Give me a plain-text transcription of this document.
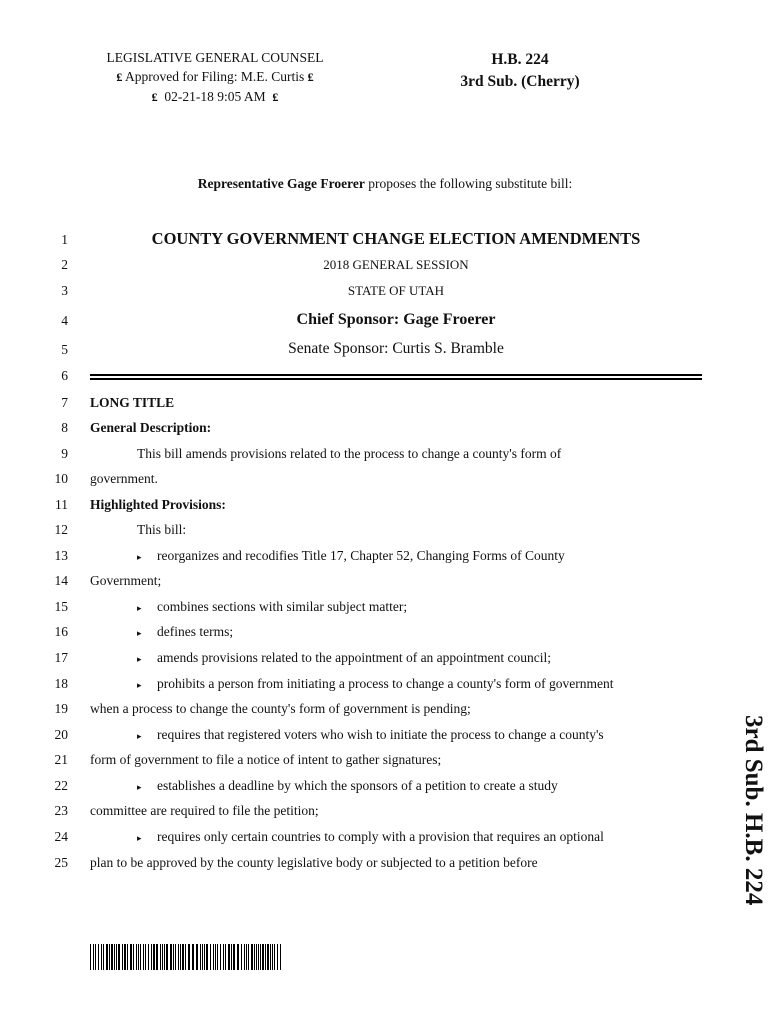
LEGISLATIVE GENERAL COUNSEL
₤ Approved for Filing: M.E. Curtis ₤
₤ 02-21-18 9:05 AM ₤
H.B. 224
3rd Sub. (Cherry)
Representative Gage Froerer proposes the following substitute bill:
1	COUNTY GOVERNMENT CHANGE ELECTION AMENDMENTS
2	2018 GENERAL SESSION
3	STATE OF UTAH
4	Chief Sponsor: Gage Froerer
5	Senate Sponsor: Curtis S. Bramble
6
7 LONG TITLE
8 General Description:
9	This bill amends provisions related to the process to change a county's form of
10 government.
11 Highlighted Provisions:
12	This bill:
13	▸ reorganizes and recodifies Title 17, Chapter 52, Changing Forms of County
14 Government;
15	▸ combines sections with similar subject matter;
16	▸ defines terms;
17	▸ amends provisions related to the appointment of an appointment council;
18	▸ prohibits a person from initiating a process to change a county's form of government
19 when a process to change the county's form of government is pending;
20	▸ requires that registered voters who wish to initiate the process to change a county's
21 form of government to file a notice of intent to gather signatures;
22	▸ establishes a deadline by which the sponsors of a petition to create a study
23 committee are required to file the petition;
24	▸ requires only certain countries to comply with a provision that requires an optional
25 plan to be approved by the county legislative body or subjected to a petition before	3rd Sub. H.B. 224
